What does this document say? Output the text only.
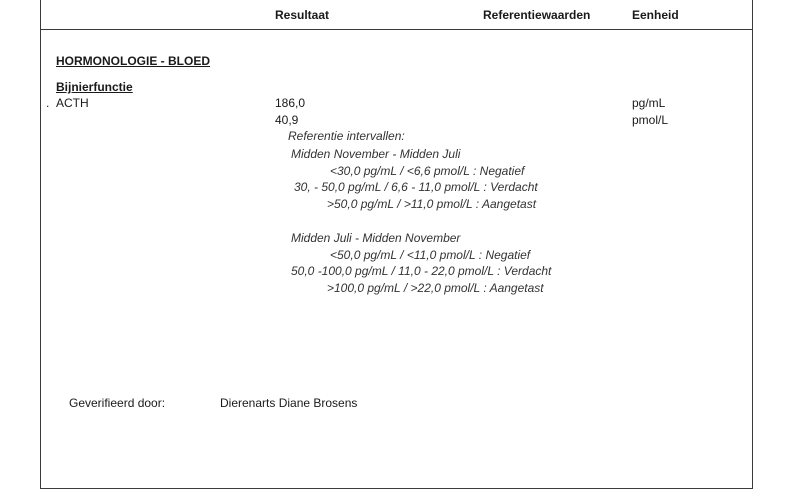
Resultaat	Referentiewaarden	Eenheid
HORMONOLOGIE - BLOED
Bijnierfunctie
. ACTH	186,0	pg/mL
40,9	pmol/L
Referentie intervallen:
Midden November - Midden Juli
<30,0 pg/mL / <6,6 pmol/L : Negatief
30, - 50,0 pg/mL / 6,6 - 11,0 pmol/L : Verdacht
>50,0 pg/mL / >11,0 pmol/L : Aangetast
Midden Juli - Midden November
<50,0 pg/mL / <11,0 pmol/L : Negatief
50,0 -100,0 pg/mL / 11,0 - 22,0 pmol/L : Verdacht
>100,0 pg/mL / >22,0 pmol/L : Aangetast
Geverifieerd door:	Dierenarts Diane Brosens
